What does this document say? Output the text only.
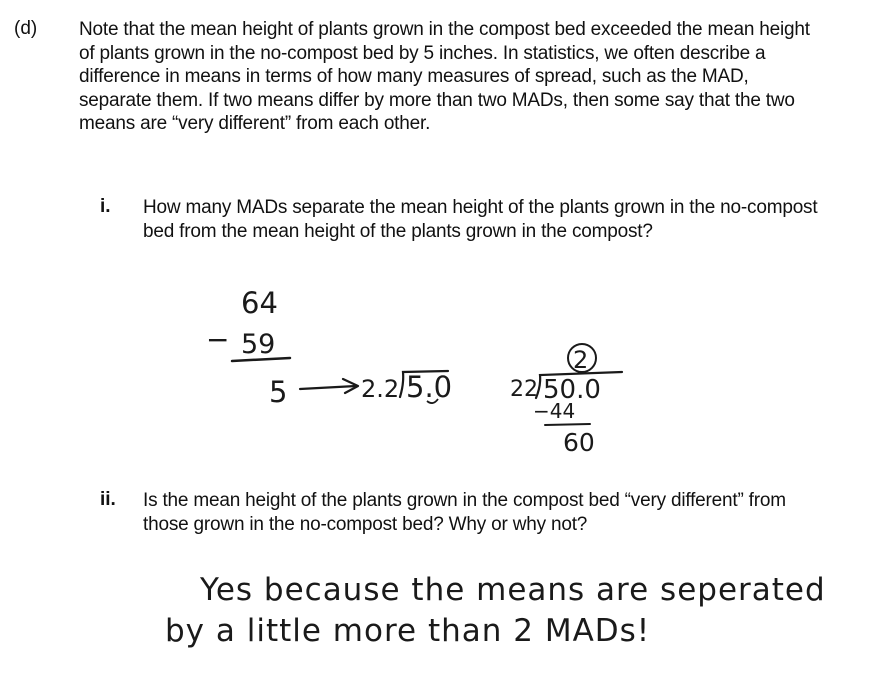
(d) Note that the mean height of plants grown in the compost bed exceeded the mean height of plants grown in the no-compost bed by 5 inches. In statistics, we often describe a difference in means in terms of how many measures of spread, such as the MAD, separate them. If two means differ by more than two MADs, then some say that the two means are “very different” from each other.
i. How many MADs separate the mean height of the plants grown in the no-compost bed from the mean height of the plants grown in the compost?
64
− 59
5	2.2 5.0
2
22 50.0
−44
60
ii. Is the mean height of the plants grown in the compost bed “very different” from those grown in the no-compost bed? Why or why not?
Yes because the means are seperated
by a little more than 2 MADs!
